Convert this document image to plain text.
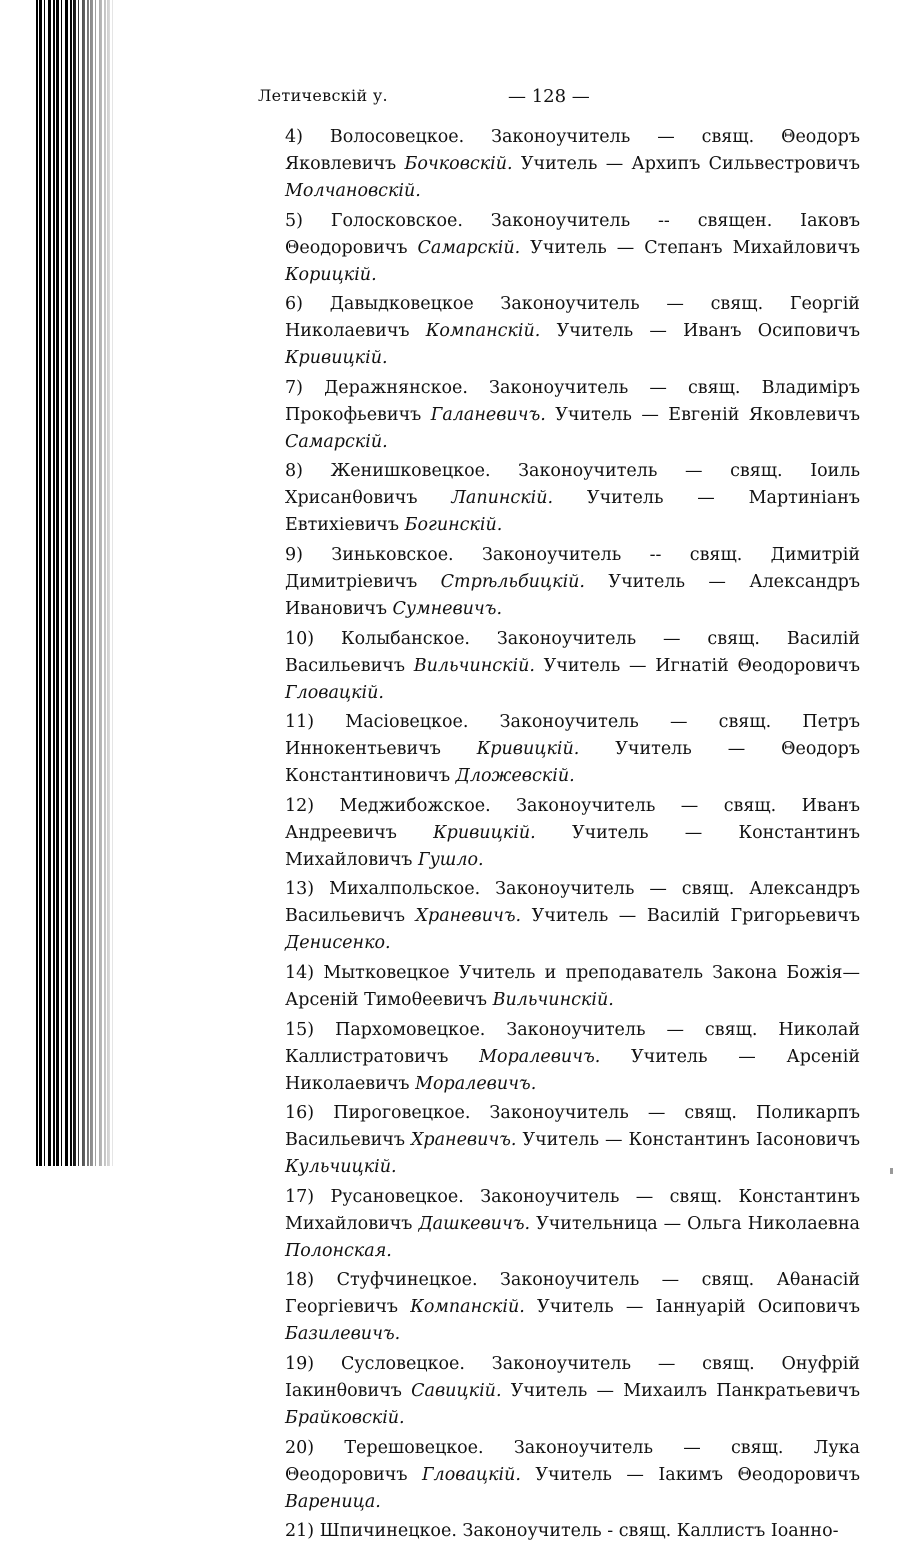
Летичевскій у.	— 128 —

4) Волосовецкое. Законоучитель — свящ. Θеодоръ Яковлевичъ Бочковскій. Учитель — Архипъ Сильвестровичъ Молчановскій.

5) Голосковское. Законоучитель -- священ. Іаковъ Θеодоровичъ Самарскій. Учитель — Степанъ Михайловичъ Корицкій.

6) Давыдковецкое Законоучитель — свящ. Георгій Николаевичъ Компанскій. Учитель — Иванъ Осиповичъ Кривицкій.

7) Деражнянское. Законоучитель — свящ. Владиміръ Прокофьевичъ Галаневичъ. Учитель — Евгеній Яковлевичъ Самарскій.

8) Женишковецкое. Законоучитель — свящ. Іоиль Хрисанθовичъ Лапинскій. Учитель — Мартиніанъ Евтихіевичъ Богинскій.

9) Зиньковское. Законоучитель -- свящ. Димитрій Димитріевичъ Стрѣльбицкій. Учитель — Александръ Ивановичъ Сумневичъ.

10) Колыбанское. Законоучитель — свящ. Василій Васильевичъ Вильчинскій. Учитель — Игнатій Θеодоровичъ Гловацкій.

11) Масіовецкое. Законоучитель — свящ. Петръ Иннокентьевичъ Кривицкій. Учитель — Θеодоръ Константиновичъ Дложевскій.

12) Меджибожское. Законоучитель — свящ. Иванъ Андреевичъ Кривицкій. Учитель — Константинъ Михайловичъ Гушло.

13) Михалпольское. Законоучитель — свящ. Александръ Васильевичъ Храневичъ. Учитель — Василій Григорьевичъ Денисенко.

14) Мытковецкое Учитель и преподаватель Закона Божія—Арсеній Тимоθеевичъ Вильчинскій.

15) Пархомовецкое. Законоучитель — свящ. Николай Каллистратовичъ Моралевичъ. Учитель — Арсеній Николаевичъ Моралевичъ.

16) Пироговецкое. Законоучитель — свящ. Поликарпъ Васильевичъ Храневичъ. Учитель — Константинъ Іасоновичъ Кульчицкій.

17) Русановецкое. Законоучитель — свящ. Константинъ Михайловичъ Дашкевичъ. Учительница — Ольга Николаевна Полонская.

18) Стуфчинецкое. Законоучитель — свящ. Аθанасій Георгіевичъ Компанскій. Учитель — Іаннуарій Осиповичъ Базилевичъ.

19) Сусловецкое. Законоучитель — свящ. Онуфрій Іакинθовичъ Савицкій. Учитель — Михаилъ Панкратьевичъ Брайковскій.

20) Терешовецкое. Законоучитель — свящ. Лука Θеодоровичъ Гловацкій. Учитель — Іакимъ Θеодоровичъ Вареница.

21) Шпичинецкое. Законоучитель - свящ. Каллистъ Іоанно-
